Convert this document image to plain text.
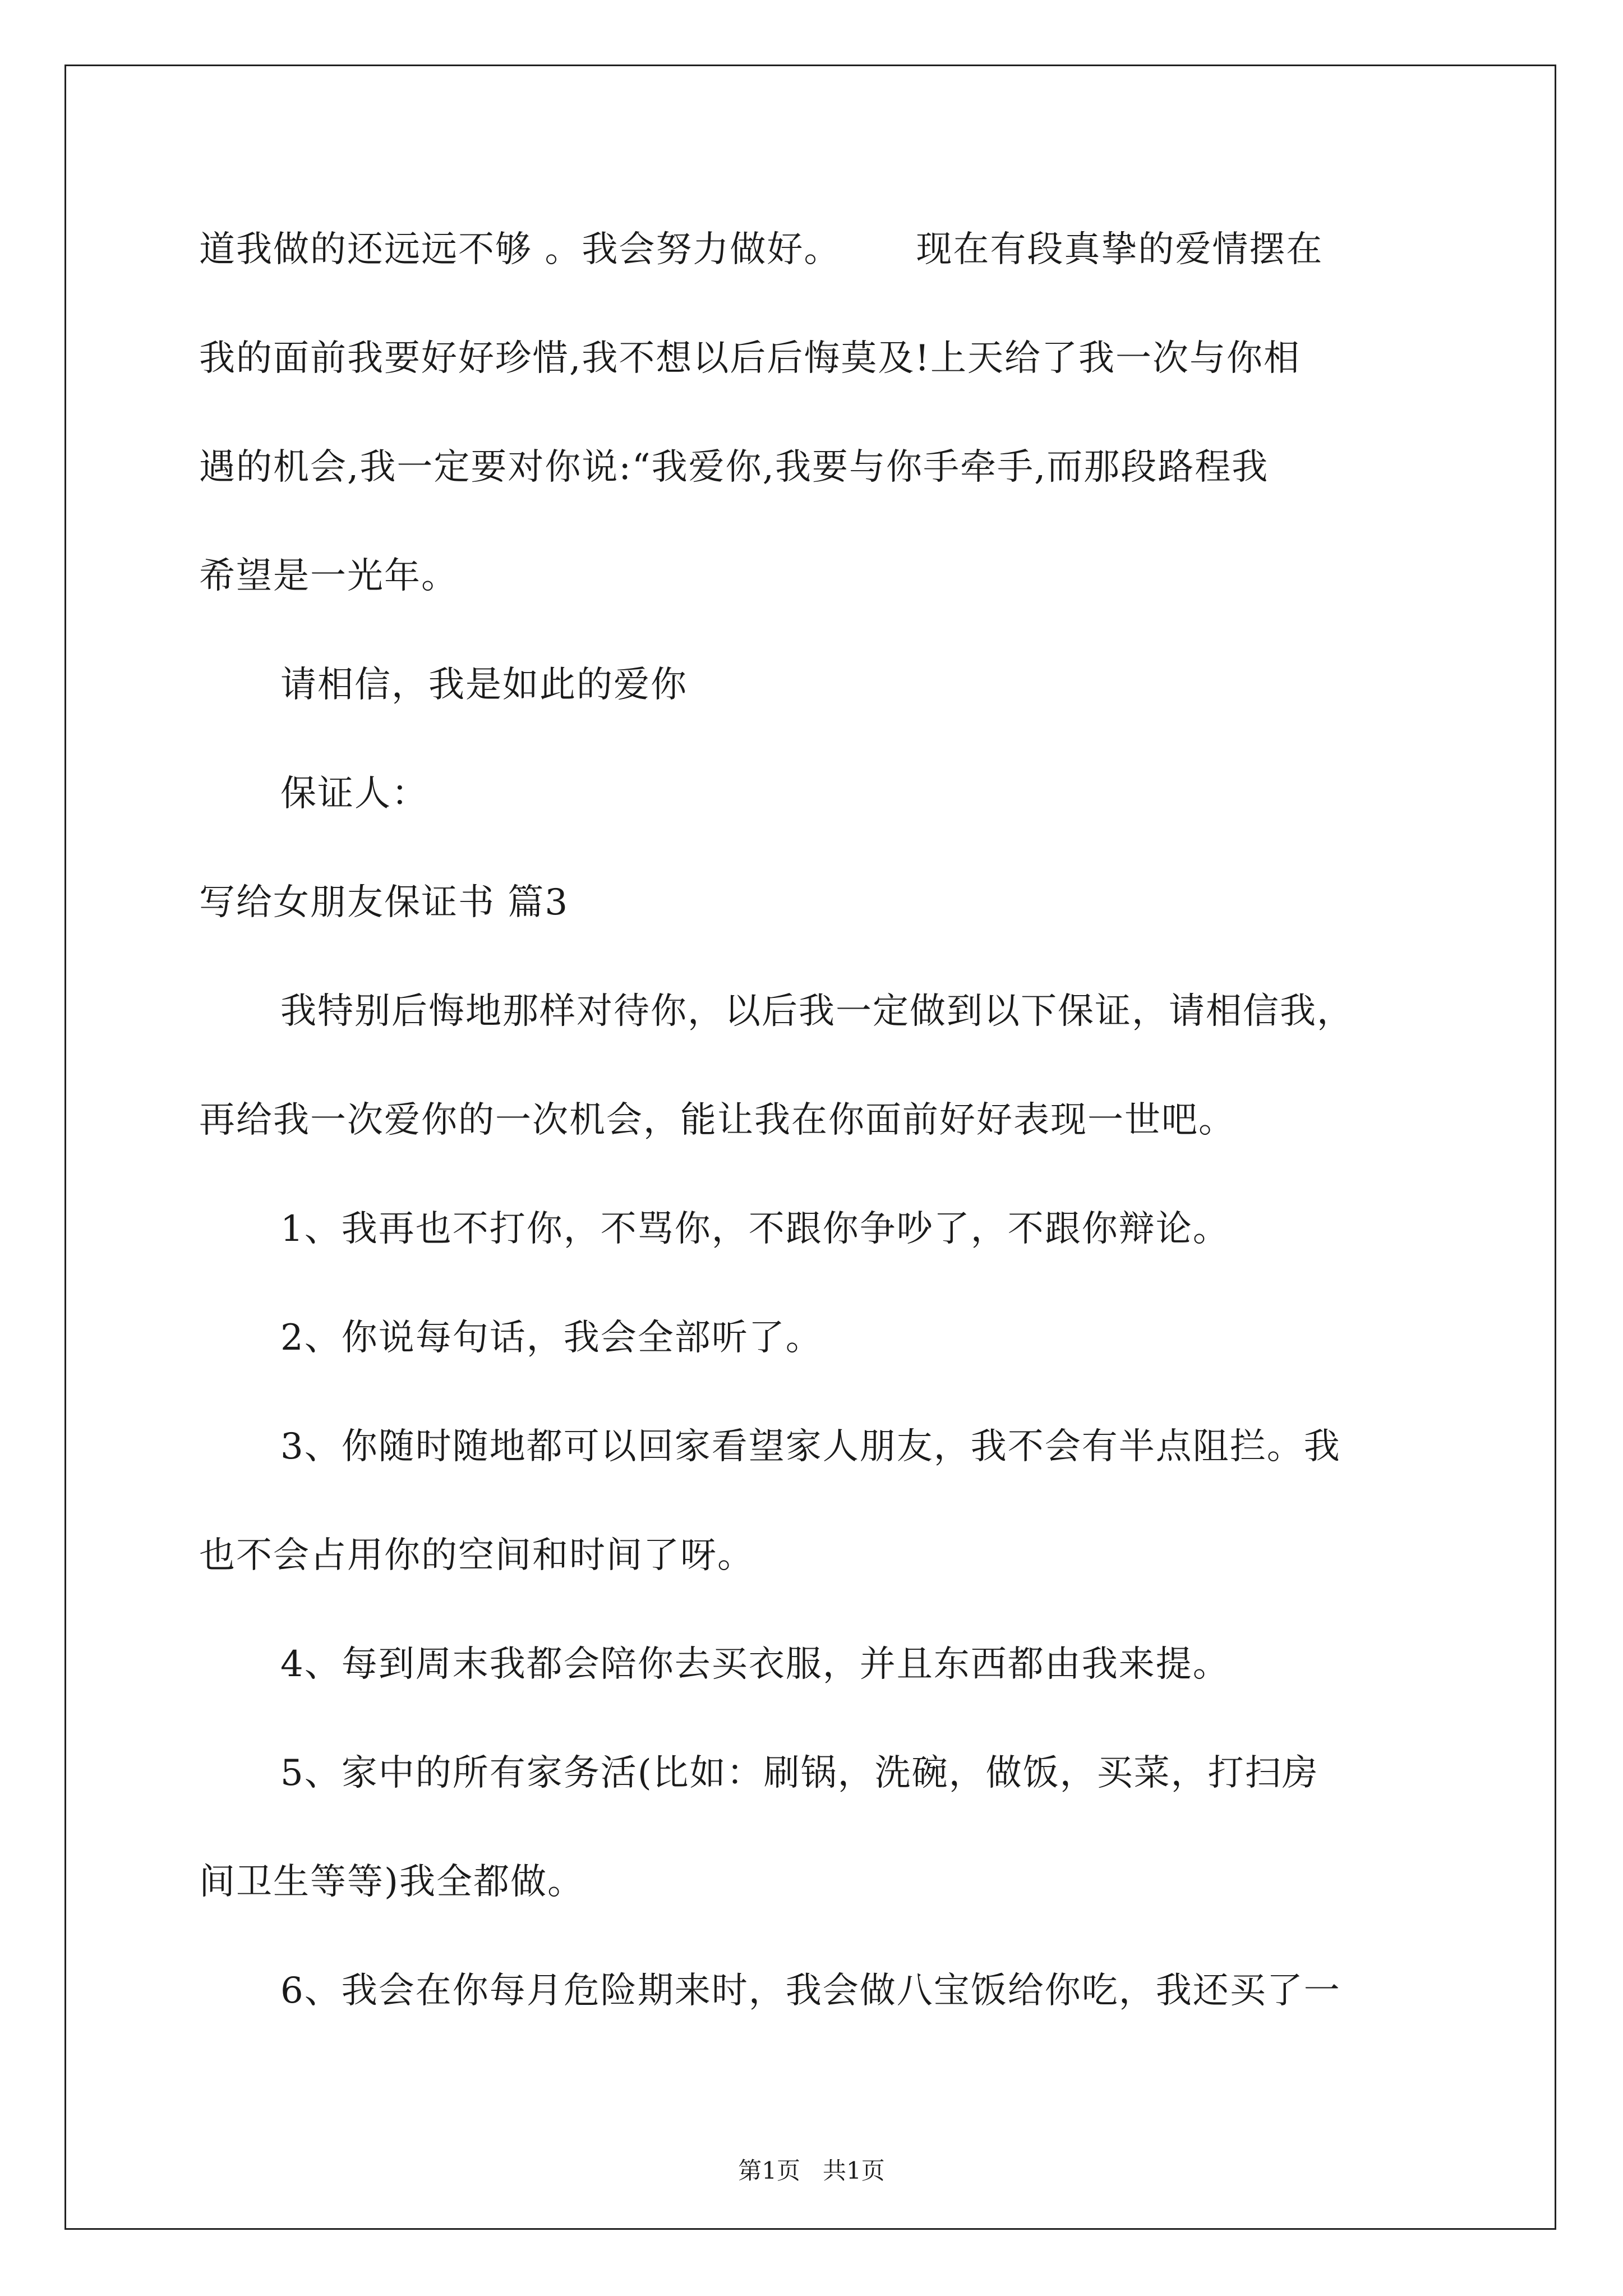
道我做的还远远不够 。我会努力做好。      现在有段真挚的爱情摆在
我的面前我要好好珍惜,我不想以后后悔莫及!上天给了我一次与你相
遇的机会,我一定要对你说:“我爱你,我要与你手牵手,而那段路程我
希望是一光年。
请相信，我是如此的爱你
保证人：
写给女朋友保证书 篇3
我特别后悔地那样对待你，以后我一定做到以下保证，请相信我，
再给我一次爱你的一次机会，能让我在你面前好好表现一世吧。
1、我再也不打你，不骂你，不跟你争吵了，不跟你辩论。
2、你说每句话，我会全部听了。
3、你随时随地都可以回家看望家人朋友，我不会有半点阻拦。我
也不会占用你的空间和时间了呀。
4、每到周末我都会陪你去买衣服，并且东西都由我来提。
5、家中的所有家务活(比如：刷锅，洗碗，做饭，买菜，打扫房
间卫生等等)我全都做。
6、我会在你每月危险期来时，我会做八宝饭给你吃，我还买了一
第1页   共1页
